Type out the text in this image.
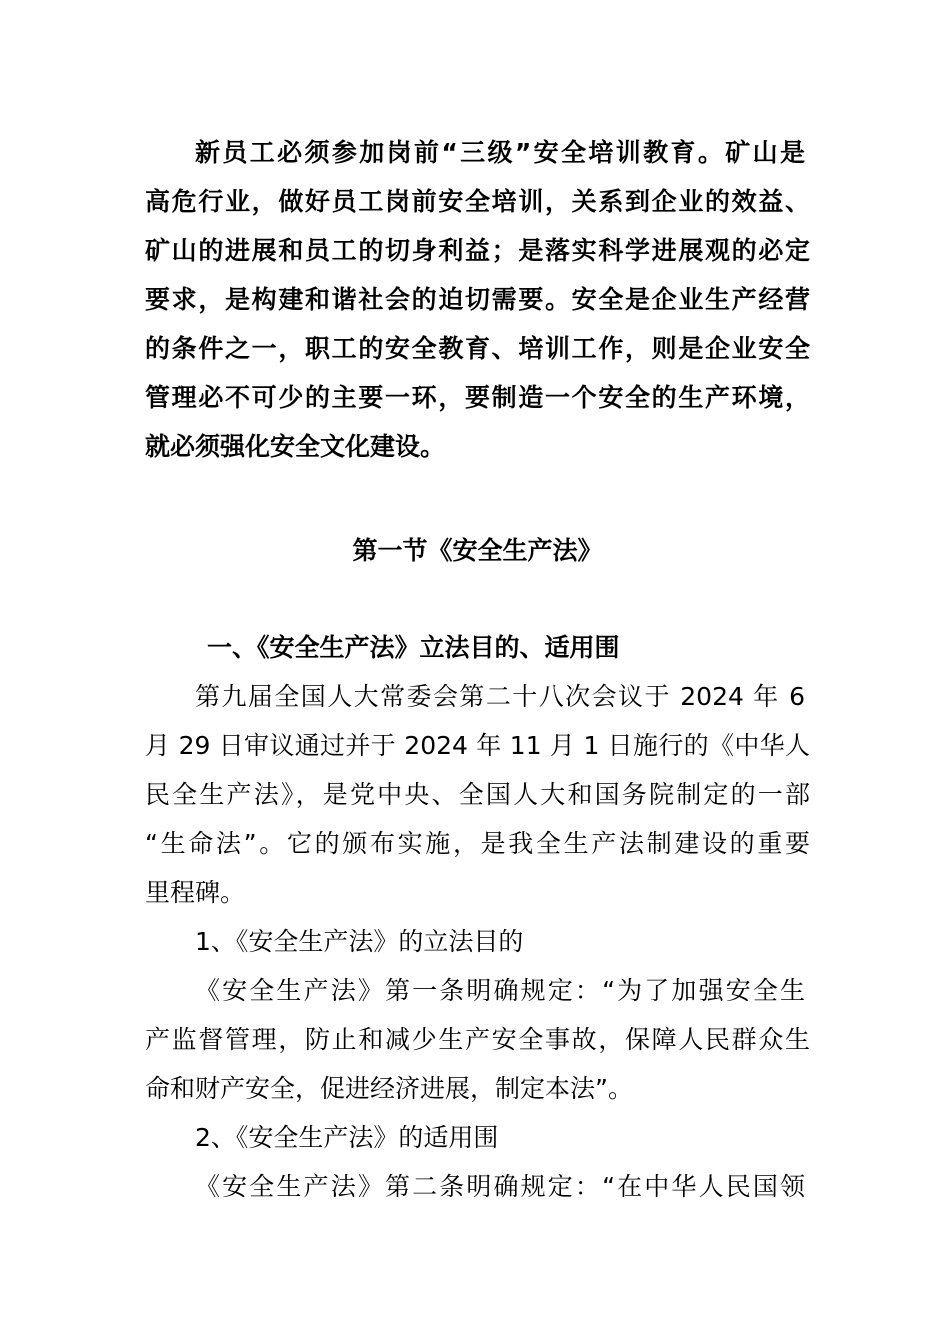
新员工必须参加岗前“三级”安全培训教育。矿山是
高危行业，做好员工岗前安全培训，关系到企业的效益、
矿山的进展和员工的切身利益；是落实科学进展观的必定
要求，是构建和谐社会的迫切需要。安全是企业生产经营
的条件之一，职工的安全教育、培训工作，则是企业安全
管理必不可少的主要一环，要制造一个安全的生产环境，
就必须强化安全文化建设。
第一节《安全生产法》
一、《安全生产法》立法目的、适用围
第九届全国人大常委会第二十八次会议于 2024 年 6
月 29 日审议通过并于 2024 年 11 月 1 日施行的《中华人
民全生产法》，是党中央、全国人大和国务院制定的一部
“生命法”。它的颁布实施，是我全生产法制建设的重要
里程碑。
1、《安全生产法》的立法目的
《安全生产法》第一条明确规定：“为了加强安全生
产监督管理，防止和减少生产安全事故，保障人民群众生
命和财产安全，促进经济进展，制定本法”。
2、《安全生产法》的适用围
《安全生产法》第二条明确规定：“在中华人民国领
